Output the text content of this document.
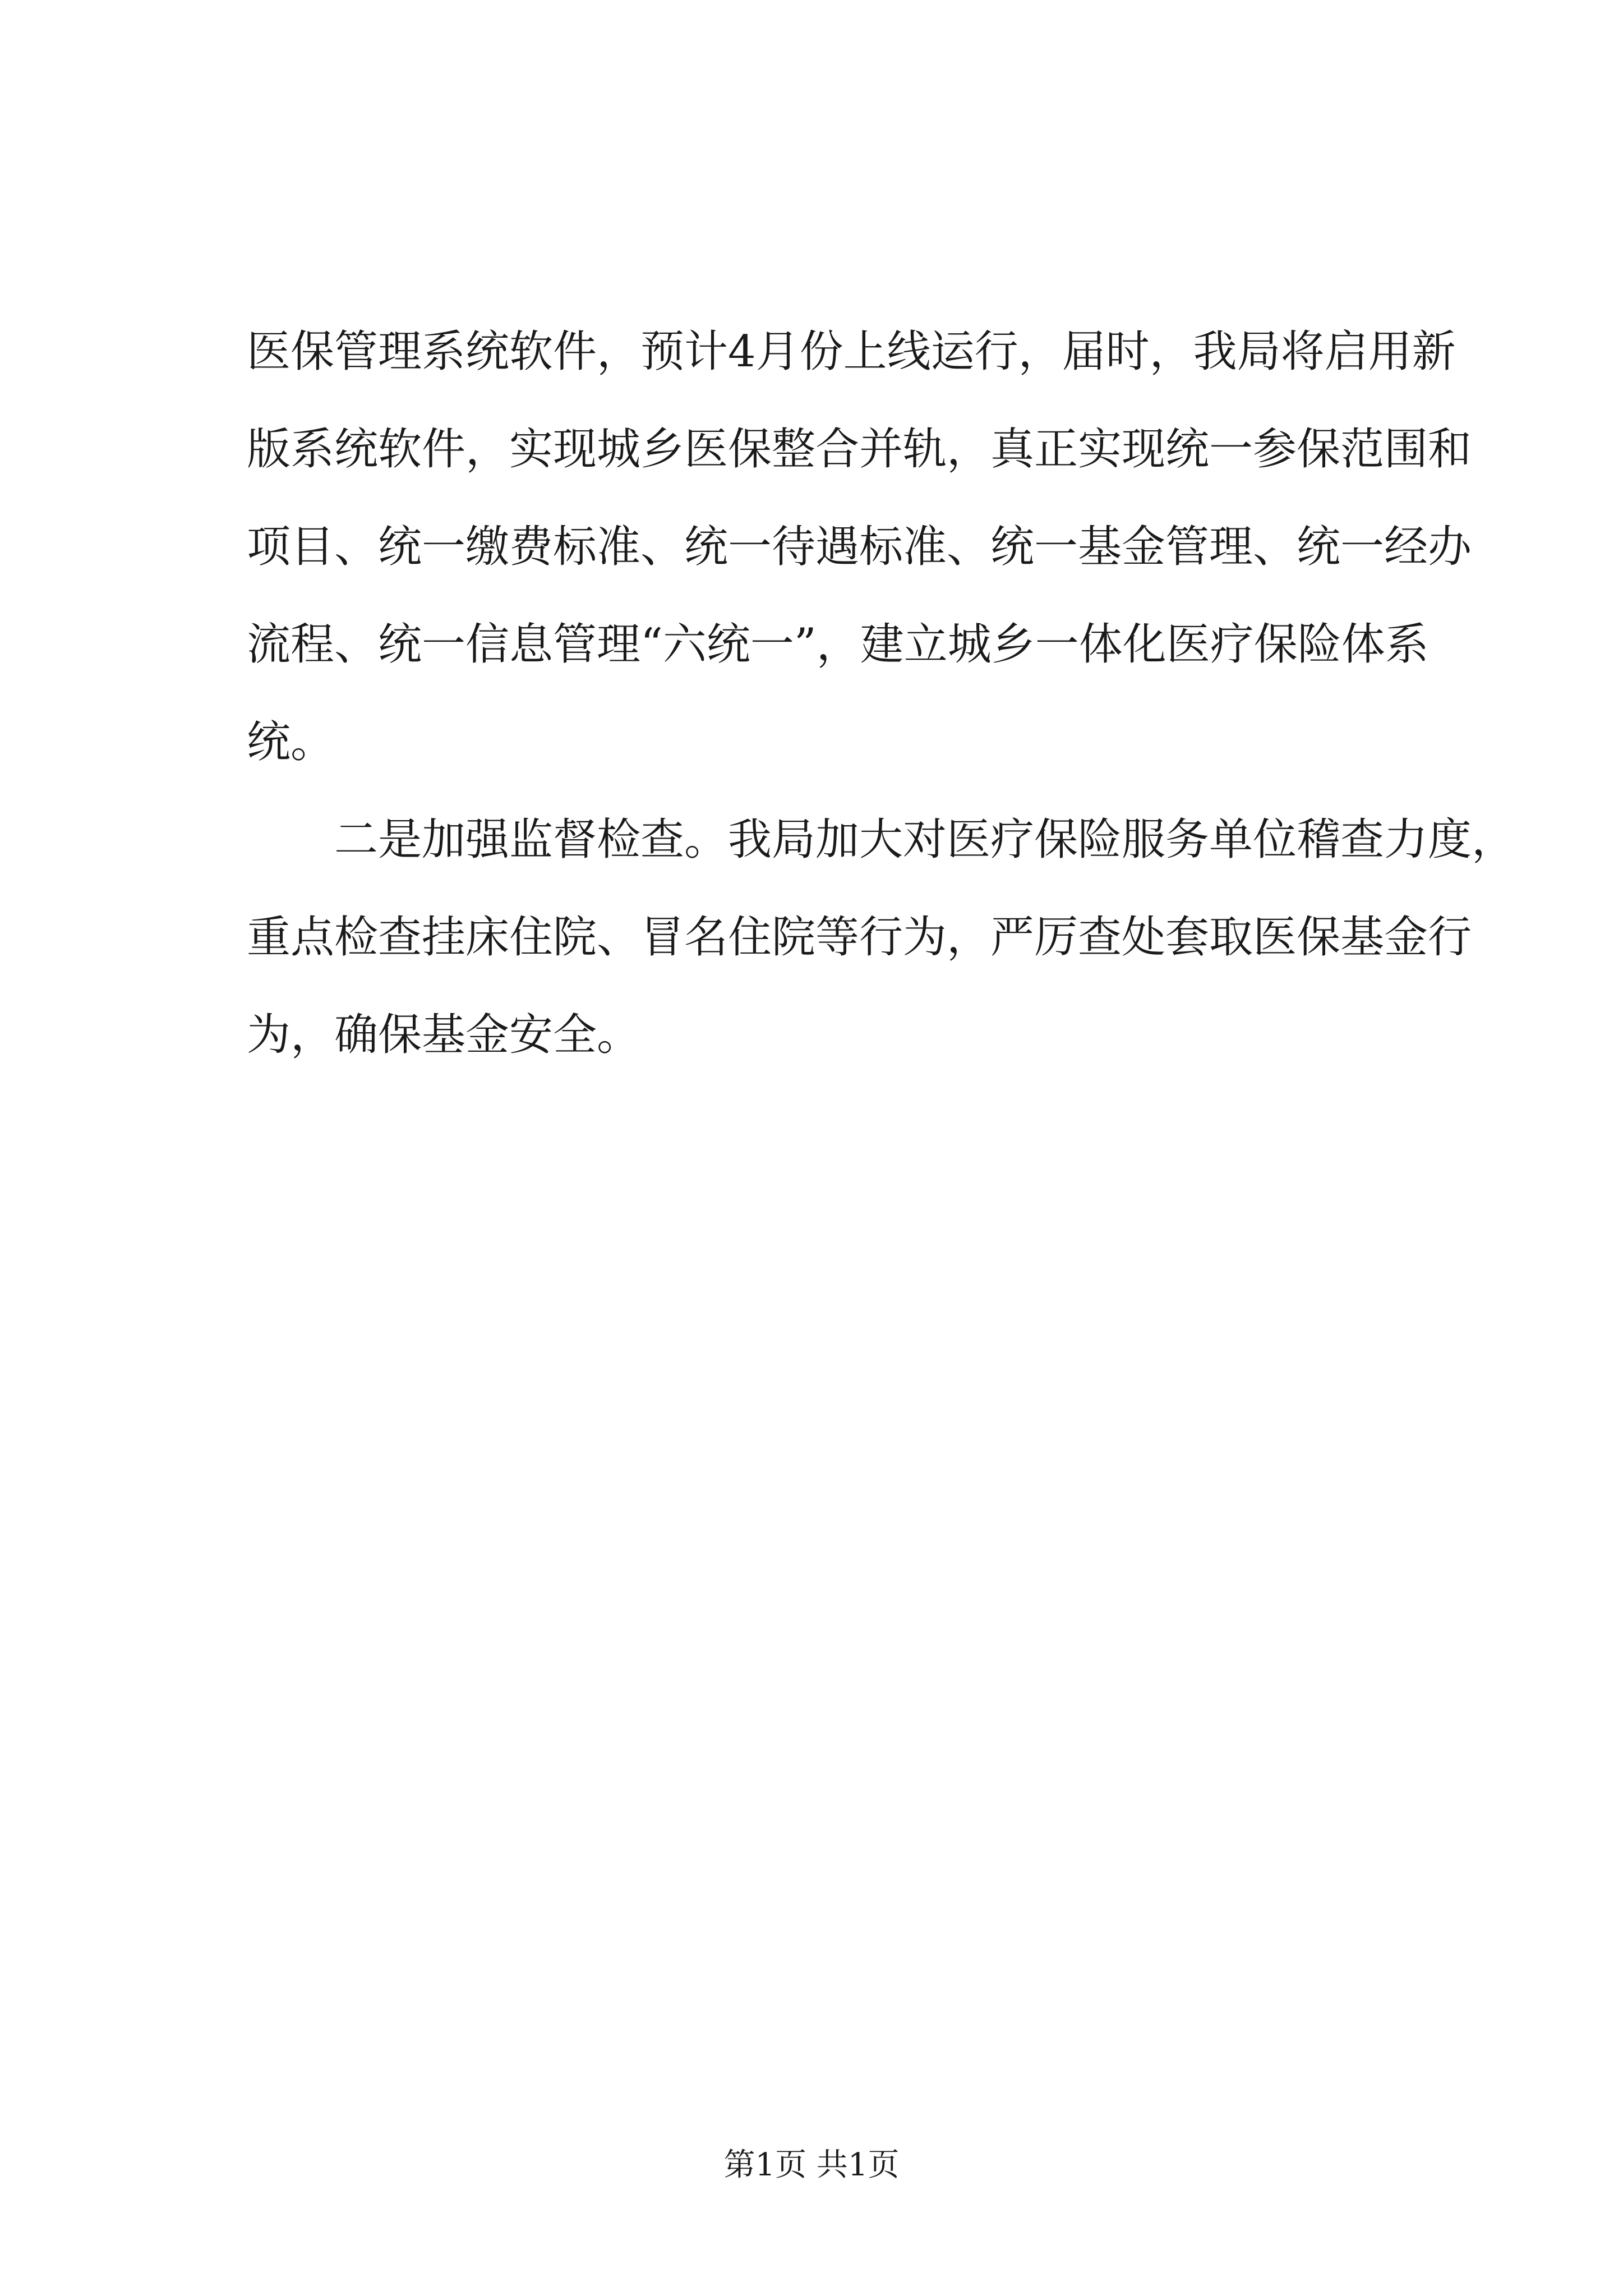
医保管理系统软件，预计4月份上线运行，届时，我局将启用新
版系统软件，实现城乡医保整合并轨，真正实现统一参保范围和
项目、统一缴费标准、统一待遇标准、统一基金管理、统一经办
流程、统一信息管理“六统一”，建立城乡一体化医疗保险体系
统。
二是加强监督检查。我局加大对医疗保险服务单位稽查力度，
重点检查挂床住院、冒名住院等行为，严厉查处套取医保基金行
为，确保基金安全。
第1页 共1页
